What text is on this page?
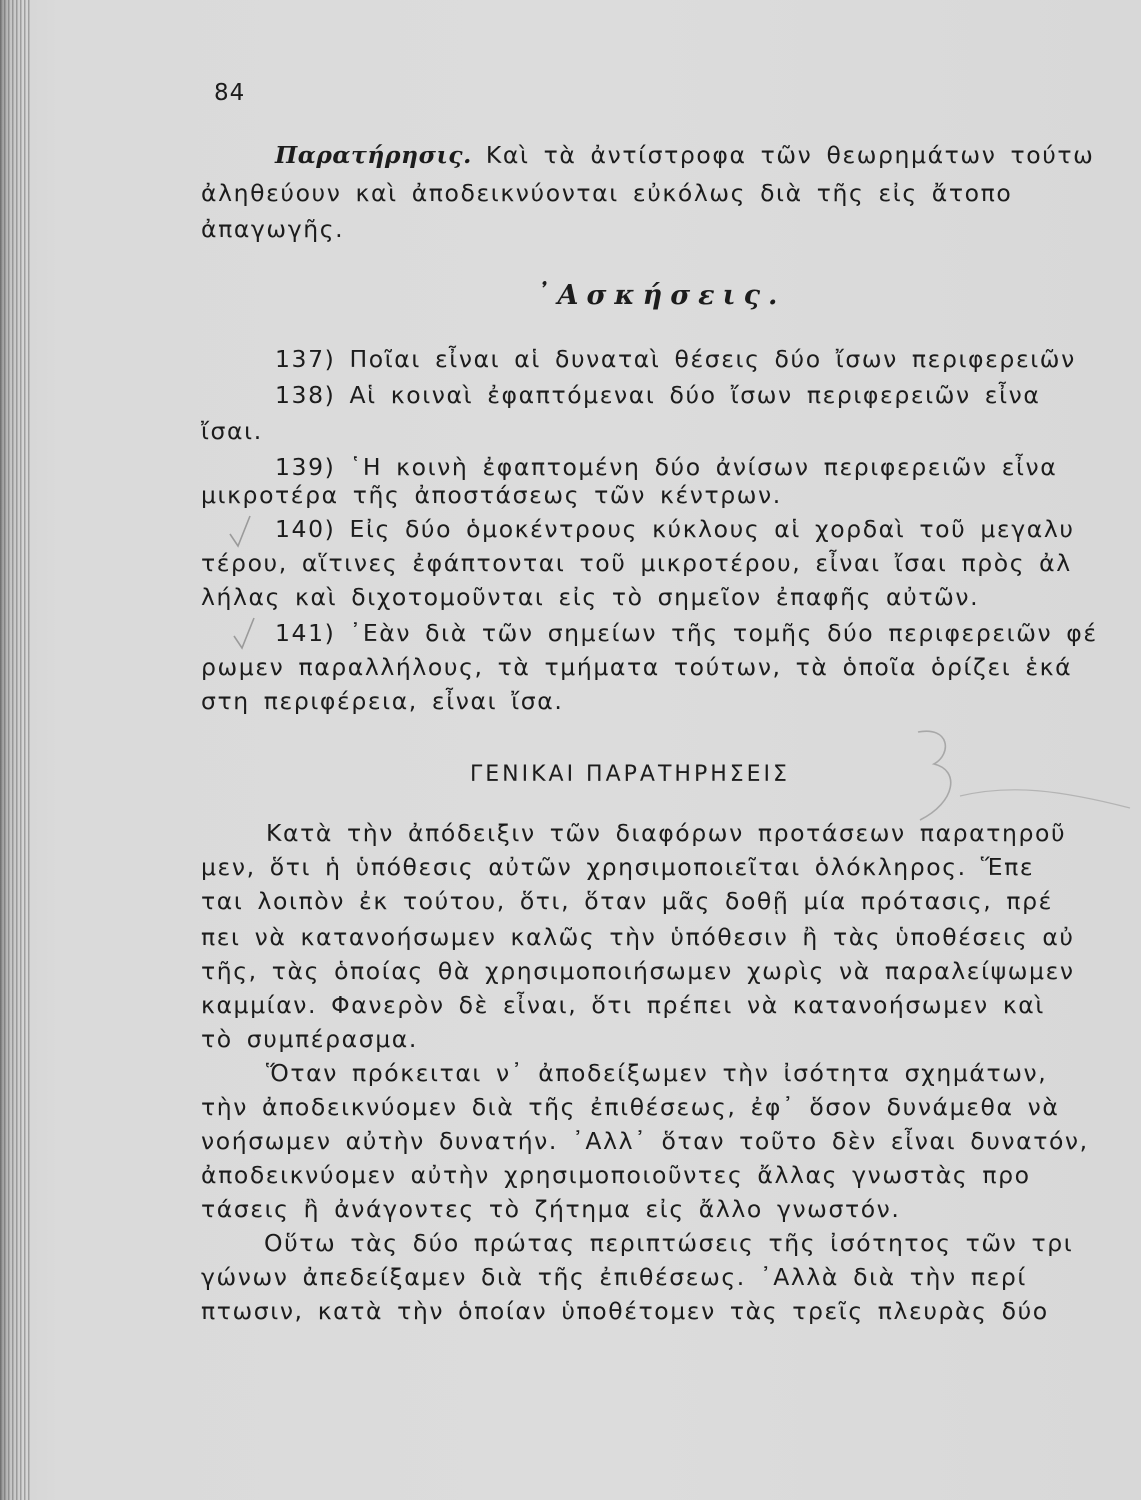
84
Παρατήρησις. Καὶ τὰ ἀντίστροφα τῶν θεωρημάτων τούτω
ἀληθεύουν καὶ ἀποδεικνύονται εὐκόλως διὰ τῆς εἰς ἄτοπο
ἀπαγωγῆς.
᾿Ασκήσεις.
137) Ποῖαι εἶναι αἱ δυναταὶ θέσεις δύο ἴσων περιφερειῶν
138) Αἱ κοιναὶ ἐφαπτόμεναι δύο ἴσων περιφερειῶν εἶνα
ἴσαι.
139) ῾Η κοινὴ ἐφαπτομένη δύο ἀνίσων περιφερειῶν εἶνα
μικροτέρα τῆς ἀποστάσεως τῶν κέντρων.
140) Εἰς δύο ὁμοκέντρους κύκλους αἱ χορδαὶ τοῦ μεγαλυ
τέρου, αἵτινες ἐφάπτονται τοῦ μικροτέρου, εἶναι ἴσαι πρὸς ἀλ
λήλας καὶ διχοτομοῦνται εἰς τὸ σημεῖον ἐπαφῆς αὐτῶν.
141) ᾿Εὰν διὰ τῶν σημείων τῆς τομῆς δύο περιφερειῶν φέ
ρωμεν παραλλήλους, τὰ τμήματα τούτων, τὰ ὁποῖα ὁρίζει ἑκά
στη περιφέρεια, εἶναι ἴσα.
ΓΕΝΙΚΑΙ ΠΑΡΑΤΗΡΗΣΕΙΣ
Κατὰ τὴν ἀπόδειξιν τῶν διαφόρων προτάσεων παρατηροῦ
μεν, ὅτι ἡ ὑπόθεσις αὐτῶν χρησιμοποιεῖται ὁλόκληρος. Ἕπε
ται λοιπὸν ἐκ τούτου, ὅτι, ὅταν μᾶς δοθῇ μία πρότασις, πρέ
πει νὰ κατανοήσωμεν καλῶς τὴν ὑπόθεσιν ἢ τὰς ὑποθέσεις αὐ
τῆς, τὰς ὁποίας θὰ χρησιμοποιήσωμεν χωρὶς νὰ παραλείψωμεν
καμμίαν. Φανερὸν δὲ εἶναι, ὅτι πρέπει νὰ κατανοήσωμεν καὶ
τὸ συμπέρασμα.
Ὅταν πρόκειται ν᾿ ἀποδείξωμεν τὴν ἰσότητα σχημάτων,
τὴν ἀποδεικνύομεν διὰ τῆς ἐπιθέσεως, ἐφ᾿ ὅσον δυνάμεθα νὰ
νοήσωμεν αὐτὴν δυνατήν. ᾿Αλλ᾿ ὅταν τοῦτο δὲν εἶναι δυνατόν,
ἀποδεικνύομεν αὐτὴν χρησιμοποιοῦντες ἄλλας γνωστὰς προ
τάσεις ἢ ἀνάγοντες τὸ ζήτημα εἰς ἄλλο γνωστόν.
Οὕτω τὰς δύο πρώτας περιπτώσεις τῆς ἰσότητος τῶν τρι
γώνων ἀπεδείξαμεν διὰ τῆς ἐπιθέσεως. ᾿Αλλὰ διὰ τὴν περί
πτωσιν, κατὰ τὴν ὁποίαν ὑποθέτομεν τὰς τρεῖς πλευρὰς δύο
